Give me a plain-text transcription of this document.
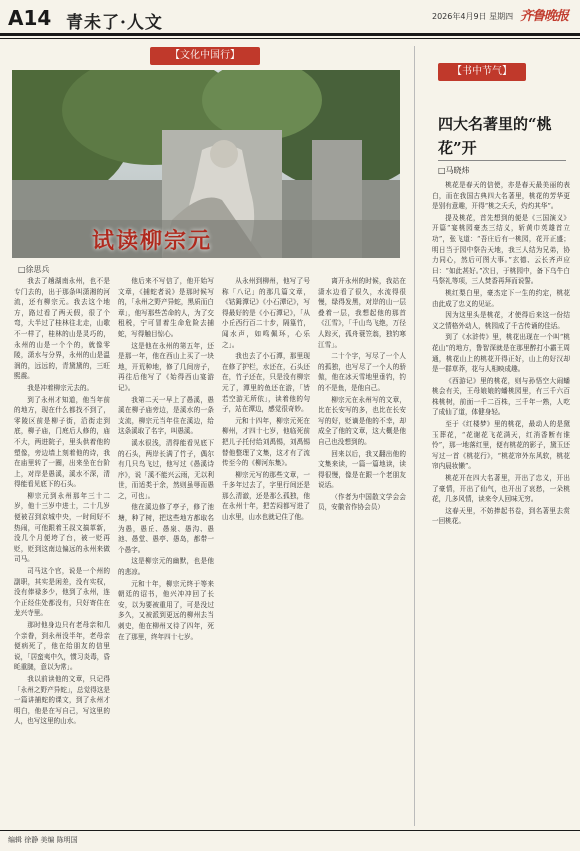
A14 青未了·人文	2026年4月9日 星期四 齐鲁晚报
【文化中国行】
试读柳宗元
□徐思兵

我去了趟湖南永州，也不是专门去的，出于那条叫潇湘的河流，还有柳宗元。我去这个地方，路过看了两天假，很了个弯，大半过了桂林往北走，山歌不一样了，桂林的山是灵巧的，永州的山是一个个的，就像零陵，潇水与分界，永州的山是温润的，远远的，青黛黛的，三旺熙震。

我是冲着柳宗元去的。

到了永州才知道，他当年前的地方，现在什么都找不到了，零陵区前是柳子街，沿街走到底，柳子庙，门庭后人修的，庙不大，两进院子，里头供着他的塑像，旁边墙上刻着他的诗，我在庙里转了一圈，出来坐在台阶上，对岸是愚溪，溪水不深，清得能看见底下的石头。

柳宗元到永州那年三十二岁，他十三岁中进士，二十几岁便被召到京城中央，一时间好不热闹，可他跟着王叔文搞革新，没几个月便垮了台，被一贬再贬，贬到这南边偏远的永州来做司马。

司马这个官，说是一个州的副职，其实是闲差，没有实权，没有俸禄多少，他到了永州，连个正经住处都没有，只好寄住在龙兴寺里。

那时他身边只有老母亲和几个亲眷，到永州没半年，老母亲便病死了，他在给朋友的信里说，「居蛮夷中久，惯习炎毒，昏眊重膇，意以为常」。

我以前读他的文章，只记得「永州之野产异蛇」，总觉得这是一篇讲捕蛇的课文，到了永州才明白，他是在写自己，写这里的人，也写这里的山水。

他后来不写信了，他开始写文章，《捕蛇者说》是那时候写的，「永州之野产异蛇，黑质而白章」，他写那些苦命的人，为了交租税，宁可冒着生命危险去捕蛇，写得触目惊心。

这是他在永州的第五年，还是那一年，他在西山上买了一块地，开荒种地，修了几间房子，再往后他写了《始得西山宴游记》。

我第二天一早上了愚溪，愚溪在柳子庙旁边，是溪水的一条支流，柳宗元当年住在溪边，给这条溪取了名字，叫愚溪。

溪水很浅，清得能看见底下的石头，两岸长满了竹子，偶尔有几只鸟飞过，他写过《愚溪诗序》，说「溪不能兴云雨，无以利世，而适类于余，然则虽辱而愚之，可也」。

他在溪边修了亭子，修了池塘，种了树，把这些地方都取名为愚，愚丘、愚泉、愚沟、愚池、愚堂、愚亭、愚岛，都带一个愚字。

这是柳宗元的幽默，也是他的悲凉。

元和十年，柳宗元终于等来朝廷的诏书，他兴冲冲回了长安，以为要被重用了，可是没过多久，又被派到更远的柳州去当刺史，他在柳州又待了四年，死在了那里，终年四十七岁。

从永州到柳州，他写了号称「八记」的那几篇文章，《钴鉧潭记》《小石潭记》，写得最好的是《小石潭记》，「从小丘西行百二十步，隔篁竹，闻水声，如鸣佩环，心乐之」。

我也去了小石潭，那里现在修了护栏，水还在，石头还在，竹子还在，只是没有柳宗元了，潭里的鱼还在游，「皆若空游无所依」，读着他的句子，站在潭边，感觉很奇妙。

元和十四年，柳宗元死在柳州，才四十七岁，他临死前把儿子托付给刘禹锡，刘禹锡替他整理了文集，这才有了流传至今的《柳河东集》。

柳宗元写的那些文章，一千多年过去了，字里行间还是那么清澈，还是那么孤独，他在永州十年，把苦闷都写进了山水里，山水也就记住了他。

离开永州的时候，我站在潇水边看了很久，水流得很慢，绿得发黑，对岸的山一层叠着一层，我想起他的那首《江雪》，「千山鸟飞绝，万径人踪灭，孤舟蓑笠翁，独钓寒江雪」。

二十个字，写尽了一个人的孤独，也写尽了一个人的骄傲，他在冰天雪地里垂钓，钓的不是鱼，是他自己。

柳宗元在永州写的文章，比在长安写的多，也比在长安写的好，贬谪是他的不幸，却成全了他的文章，这大概是他自己也没想到的。

回来以后，我又翻出他的文集来读，一篇一篇地读，读得很慢，像是在跟一个老朋友说话。

（作者为中国散文学会会员，安徽省作协会员）

【书中节气】
四大名著里的“桃花”开
□马晓炜

桃花是春天的信使，亦是春天最美丽的表白，而在我国古典四大名著里，桃花的芳华更是别有意趣，开得“桃之夭夭，灼灼其华”。

提及桃花，首先想到的便是《三国演义》开篇“宴桃园豪杰三结义，斩黄巾英雄首立功”，张飞道：“吾庄后有一桃园，花开正盛；明日当于园中祭告天地，我三人结为兄弟，协力同心，然后可图大事。”玄德、云长齐声应曰：“如此甚好。”次日，于桃园中，备下乌牛白马祭礼等项，三人焚香再拜而说誓。

桃红梨白里，豪杰定下一生的约定，桃花由此成了忠义的见证。

因为这里头是桃花，才使得后来这一份结义之情格外动人，桃园成了千古传诵的佳话。

到了《水浒传》里，桃花出现在一个叫“桃花山”的地方，鲁智深就是在那里醉打小霸王周通，桃花山上的桃花开得正好，山上的好汉却是一群草莽，花与人相映成趣。

《西游记》里的桃花，则与孙悟空大闹蟠桃会有关，王母娘娘的蟠桃园里，有三千六百株桃树，前面一千二百株，三千年一熟，人吃了成仙了道，体健身轻。

至于《红楼梦》里的桃花，最动人的是黛玉葬花，“花谢花飞花满天，红消香断有谁怜”，那一地落红里，便有桃花的影子，黛玉还写过一首《桃花行》，“桃花帘外东风软，桃花帘内晨妆懒”。

桃花开在四大名著里，开出了忠义，开出了豪情，开出了仙气，也开出了哀愁，一朵桃花，几多风情，读来令人回味无穷。

这春天里，不妨捧起书卷，到名著里去赏一回桃花。

编辑 徐静 美编 陈明国
